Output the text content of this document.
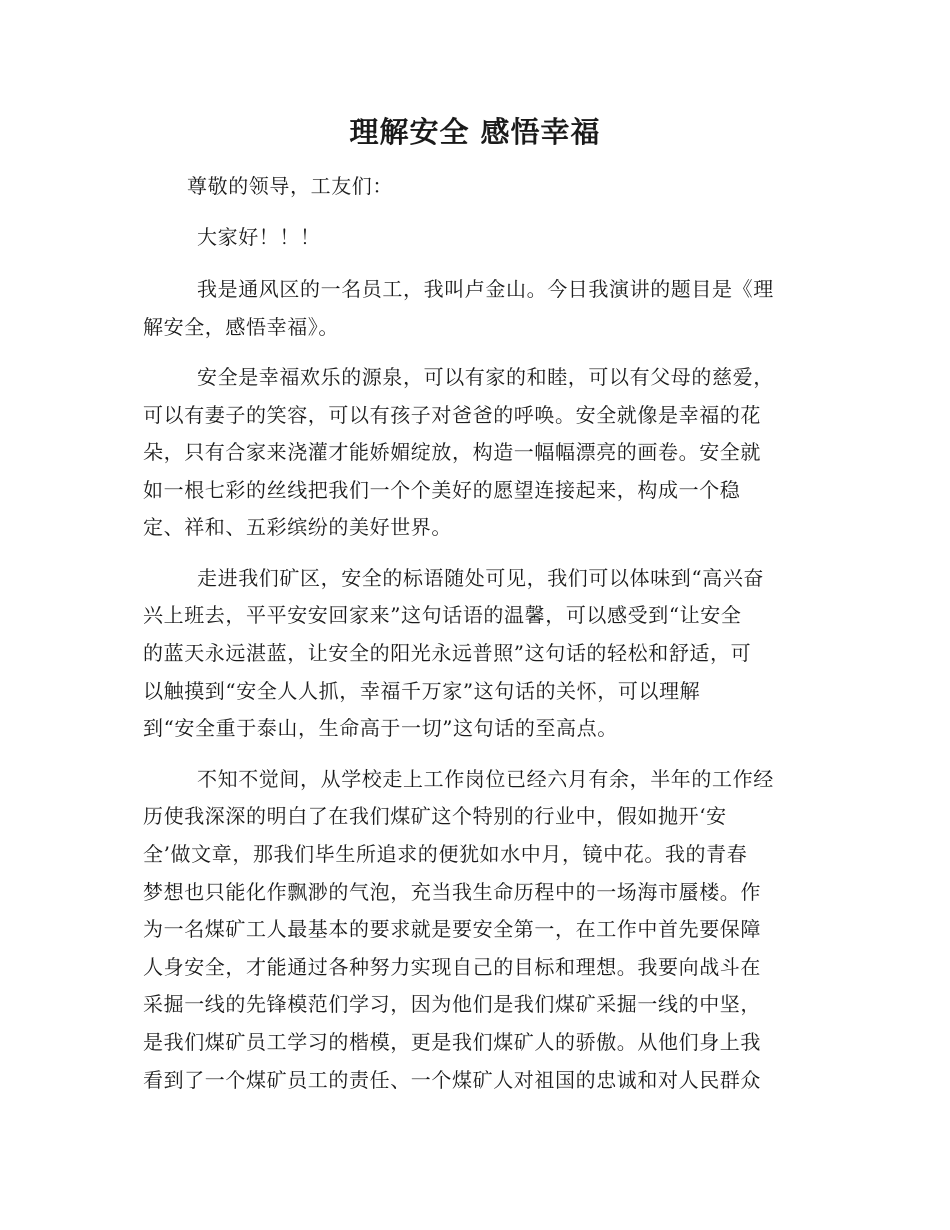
理解安全 感悟幸福
尊敬的领导，工友们：
大家好！！！
我是通风区的一名员工，我叫卢金山。今日我演讲的题目是《理
解安全，感悟幸福》。
安全是幸福欢乐的源泉，可以有家的和睦，可以有父母的慈爱，
可以有妻子的笑容，可以有孩子对爸爸的呼唤。安全就像是幸福的花
朵，只有合家来浇灌才能娇媚绽放，构造一幅幅漂亮的画卷。安全就
如一根七彩的丝线把我们一个个美好的愿望连接起来，构成一个稳
定、祥和、五彩缤纷的美好世界。
走进我们矿区，安全的标语随处可见，我们可以体味到“高兴奋
兴上班去，平平安安回家来”这句话语的温馨，可以感受到“让安全
的蓝天永远湛蓝，让安全的阳光永远普照”这句话的轻松和舒适，可
以触摸到“安全人人抓，幸福千万家”这句话的关怀，可以理解
到“安全重于泰山，生命高于一切”这句话的至高点。
不知不觉间，从学校走上工作岗位已经六月有余，半年的工作经
历使我深深的明白了在我们煤矿这个特别的行业中，假如抛开‘安
全’做文章，那我们毕生所追求的便犹如水中月，镜中花。我的青春
梦想也只能化作飘渺的气泡，充当我生命历程中的一场海市蜃楼。作
为一名煤矿工人最基本的要求就是要安全第一，在工作中首先要保障
人身安全，才能通过各种努力实现自己的目标和理想。我要向战斗在
采掘一线的先锋模范们学习，因为他们是我们煤矿采掘一线的中坚，
是我们煤矿员工学习的楷模，更是我们煤矿人的骄傲。从他们身上我
看到了一个煤矿员工的责任、一个煤矿人对祖国的忠诚和对人民群众
